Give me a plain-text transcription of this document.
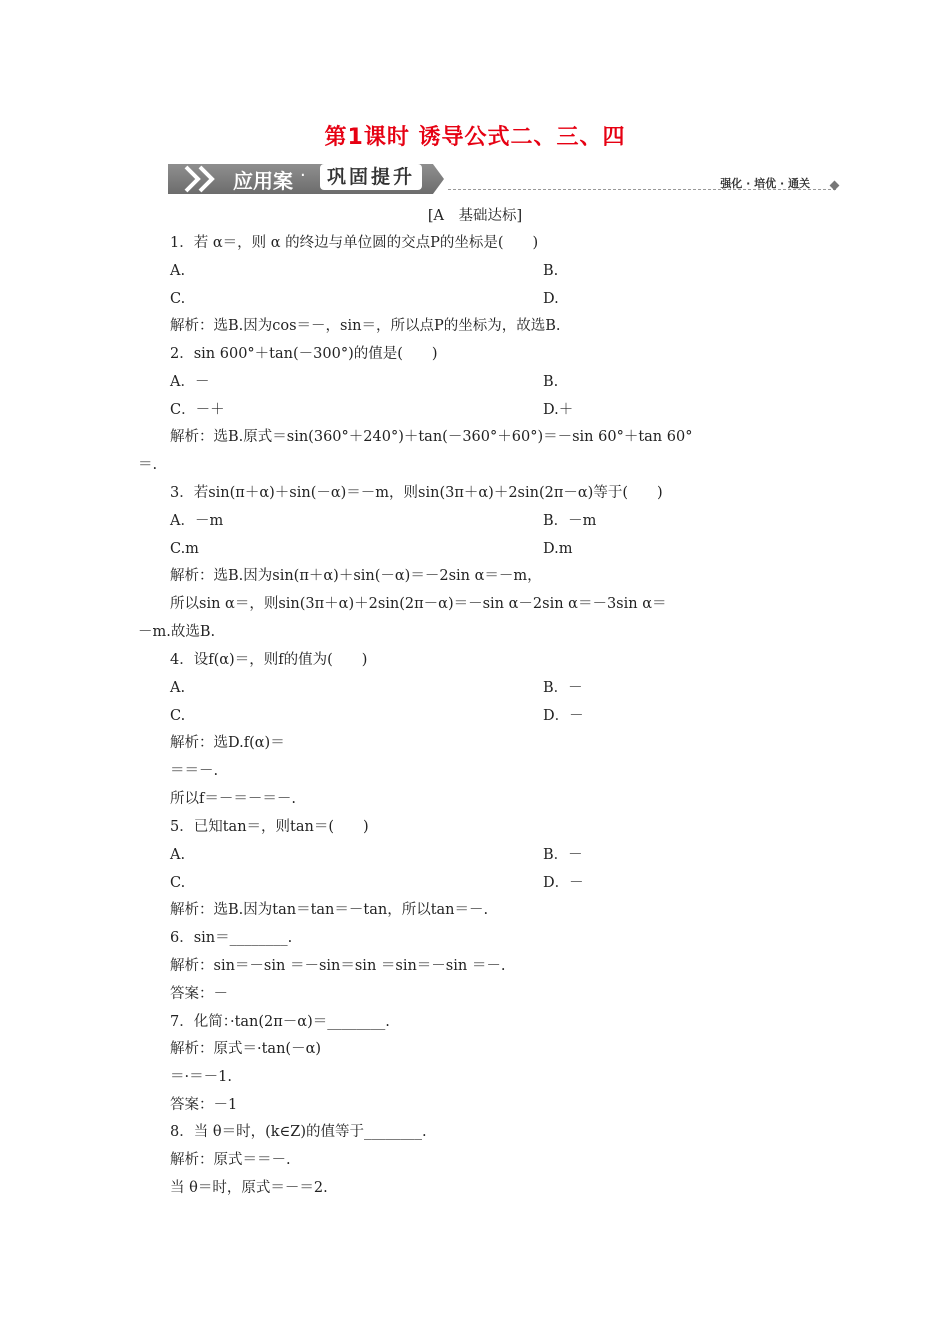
第1课时 诱导公式二、三、四
应用案 ·	巩固提升	强化 · 培优 · 通关
[A　基础达标]
1．若 α＝，则 α 的终边与单位圆的交点P的坐标是(　　)
A.	B.
C.	D.
解析：选B.因为cos＝－，sin＝，所以点P的坐标为，故选B.
2．sin 600°＋tan(－300°)的值是(　　)
A．－	B.
C．－＋	D.＋
解析：选B.原式＝sin(360°＋240°)＋tan(－360°＋60°)＝－sin 60°＋tan 60°
＝.
3．若sin(π＋α)＋sin(－α)＝－m，则sin(3π＋α)＋2sin(2π－α)等于(　　)
A．－m	B．－m
C.m	D.m
解析：选B.因为sin(π＋α)＋sin(－α)＝－2sin α＝－m，
所以sin α＝，则sin(3π＋α)＋2sin(2π－α)＝－sin α－2sin α＝－3sin α＝
－m.故选B.
4．设f(α)＝，则f的值为(　　)
A.	B．－
C.	D．－
解析：选D.f(α)＝
＝＝－.
所以f＝－＝－＝－.
5．已知tan＝，则tan＝(　　)
A.	B．－
C.	D．－
解析：选B.因为tan＝tan＝－tan，所以tan＝－.
6．sin＝________.
解析：sin＝－sin ＝－sin＝sin ＝sin＝－sin ＝－.
答案：－
7．化简：·tan(2π－α)＝________.
解析：原式＝·tan(－α)
＝·＝－1.
答案：－1
8．当 θ＝时，(k∈Z)的值等于________.
解析：原式＝＝－.
当 θ＝时，原式＝－＝2.
